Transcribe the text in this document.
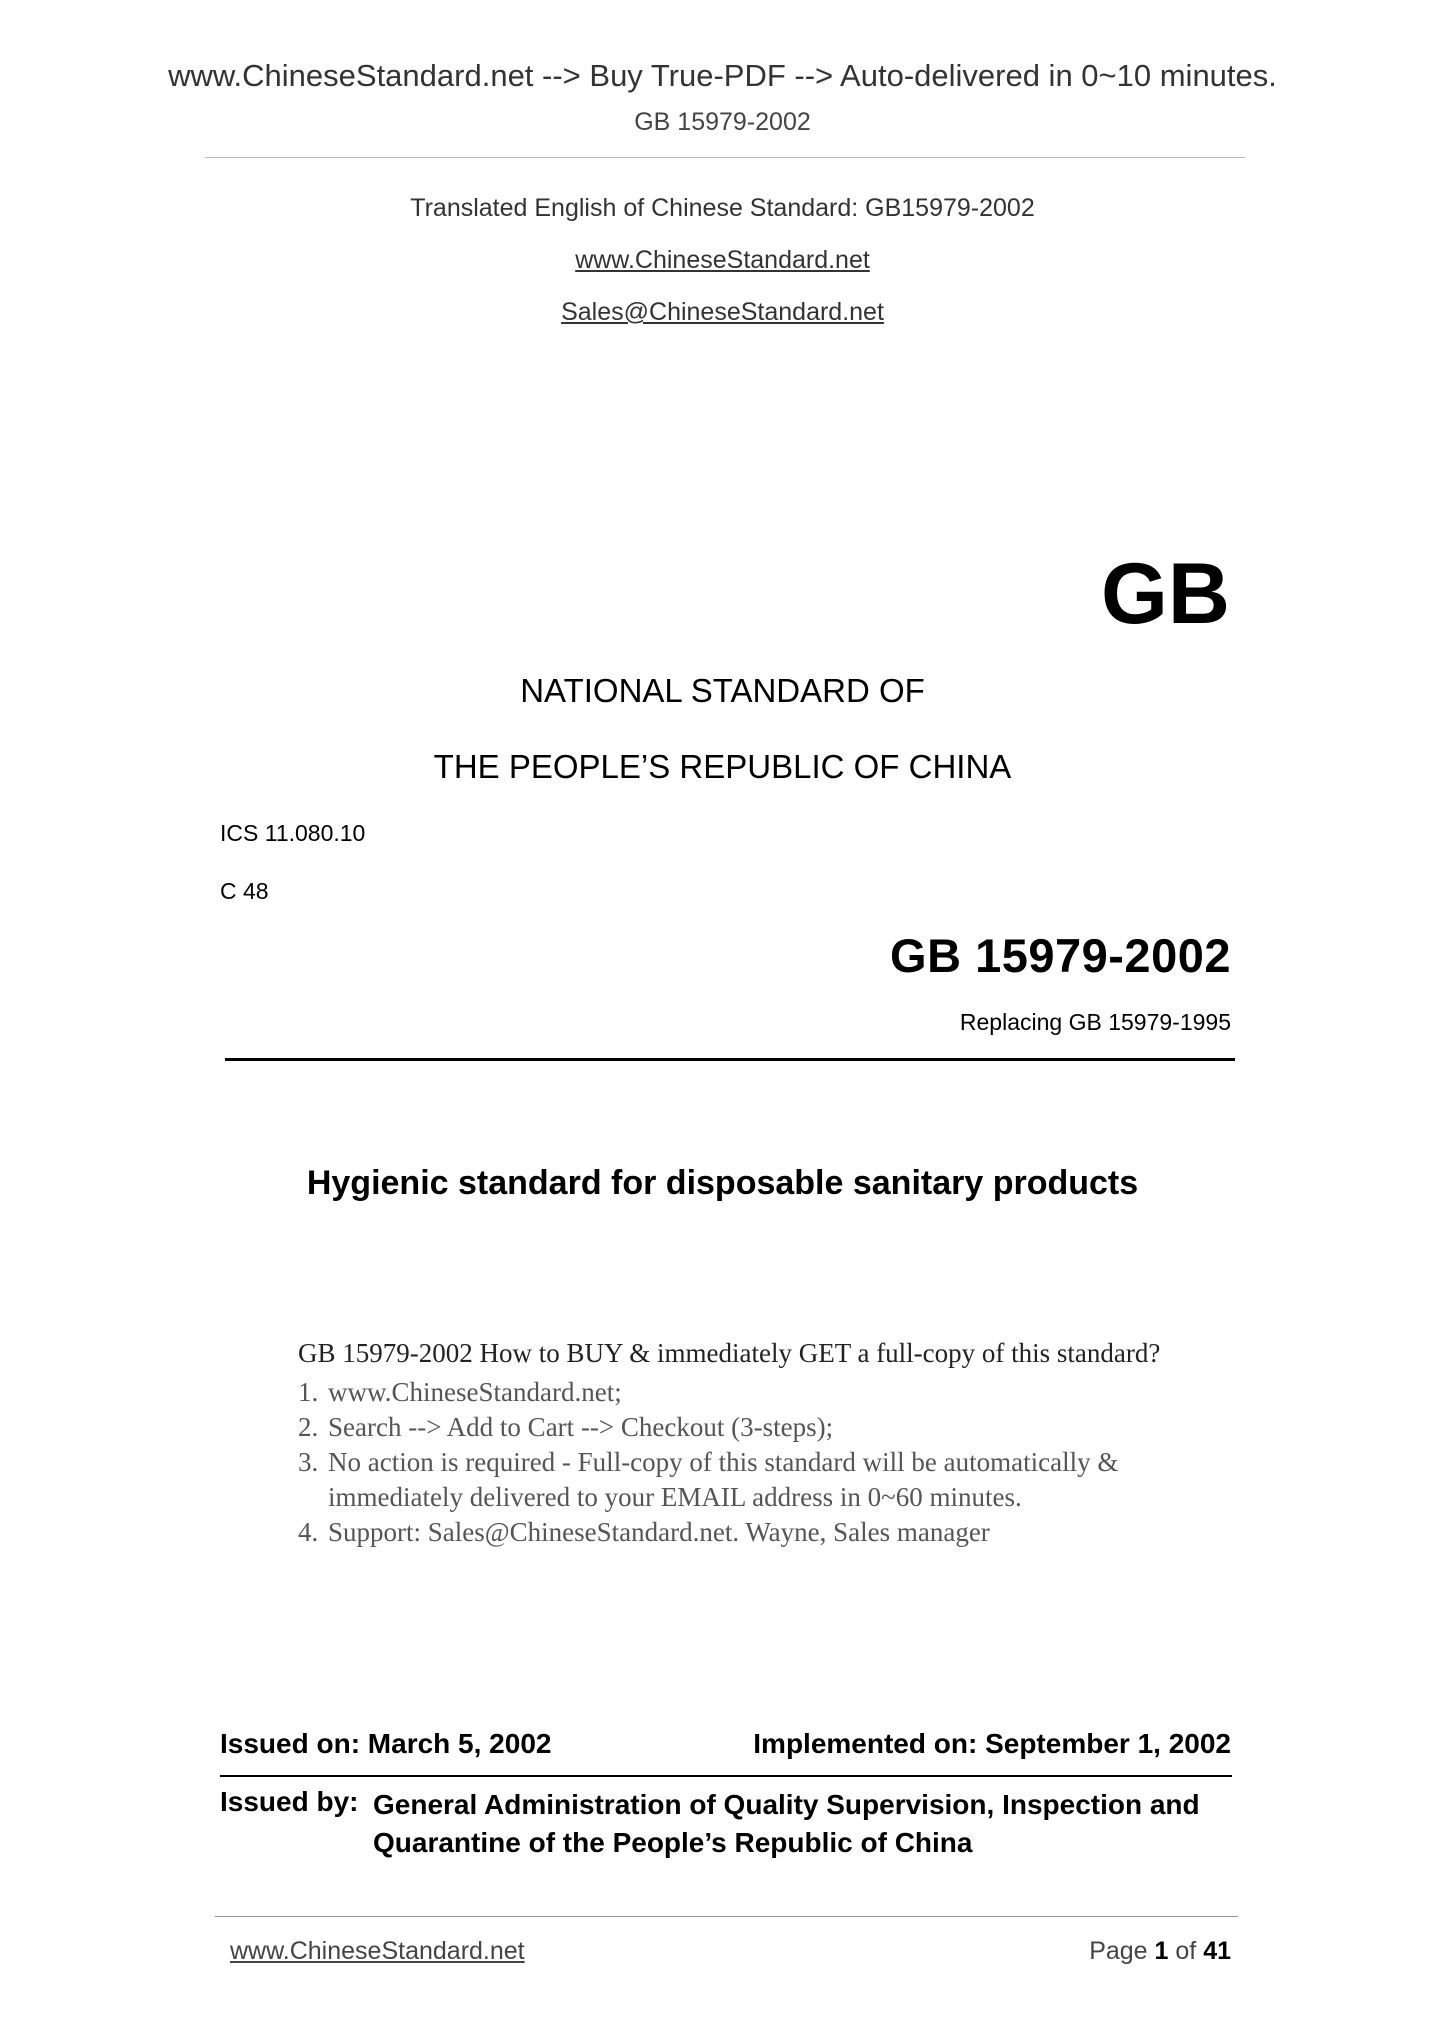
www.ChineseStandard.net --> Buy True-PDF --> Auto-delivered in 0~10 minutes.
GB 15979-2002
Translated English of Chinese Standard: GB15979-2002
www.ChineseStandard.net
Sales@ChineseStandard.net
GB
NATIONAL STANDARD OF
THE PEOPLE’S REPUBLIC OF CHINA
ICS 11.080.10
C 48
GB 15979-2002
Replacing GB 15979-1995
Hygienic standard for disposable sanitary products
GB 15979-2002 How to BUY & immediately GET a full-copy of this standard?
1. www.ChineseStandard.net;
2. Search --> Add to Cart --> Checkout (3-steps);
3. No action is required - Full-copy of this standard will be automatically & immediately delivered to your EMAIL address in 0~60 minutes.
4. Support: Sales@ChineseStandard.net. Wayne, Sales manager
Issued on: March 5, 2002	Implemented on: September 1, 2002
Issued by: General Administration of Quality Supervision, Inspection and Quarantine of the People’s Republic of China
www.ChineseStandard.net	Page 1 of 41
